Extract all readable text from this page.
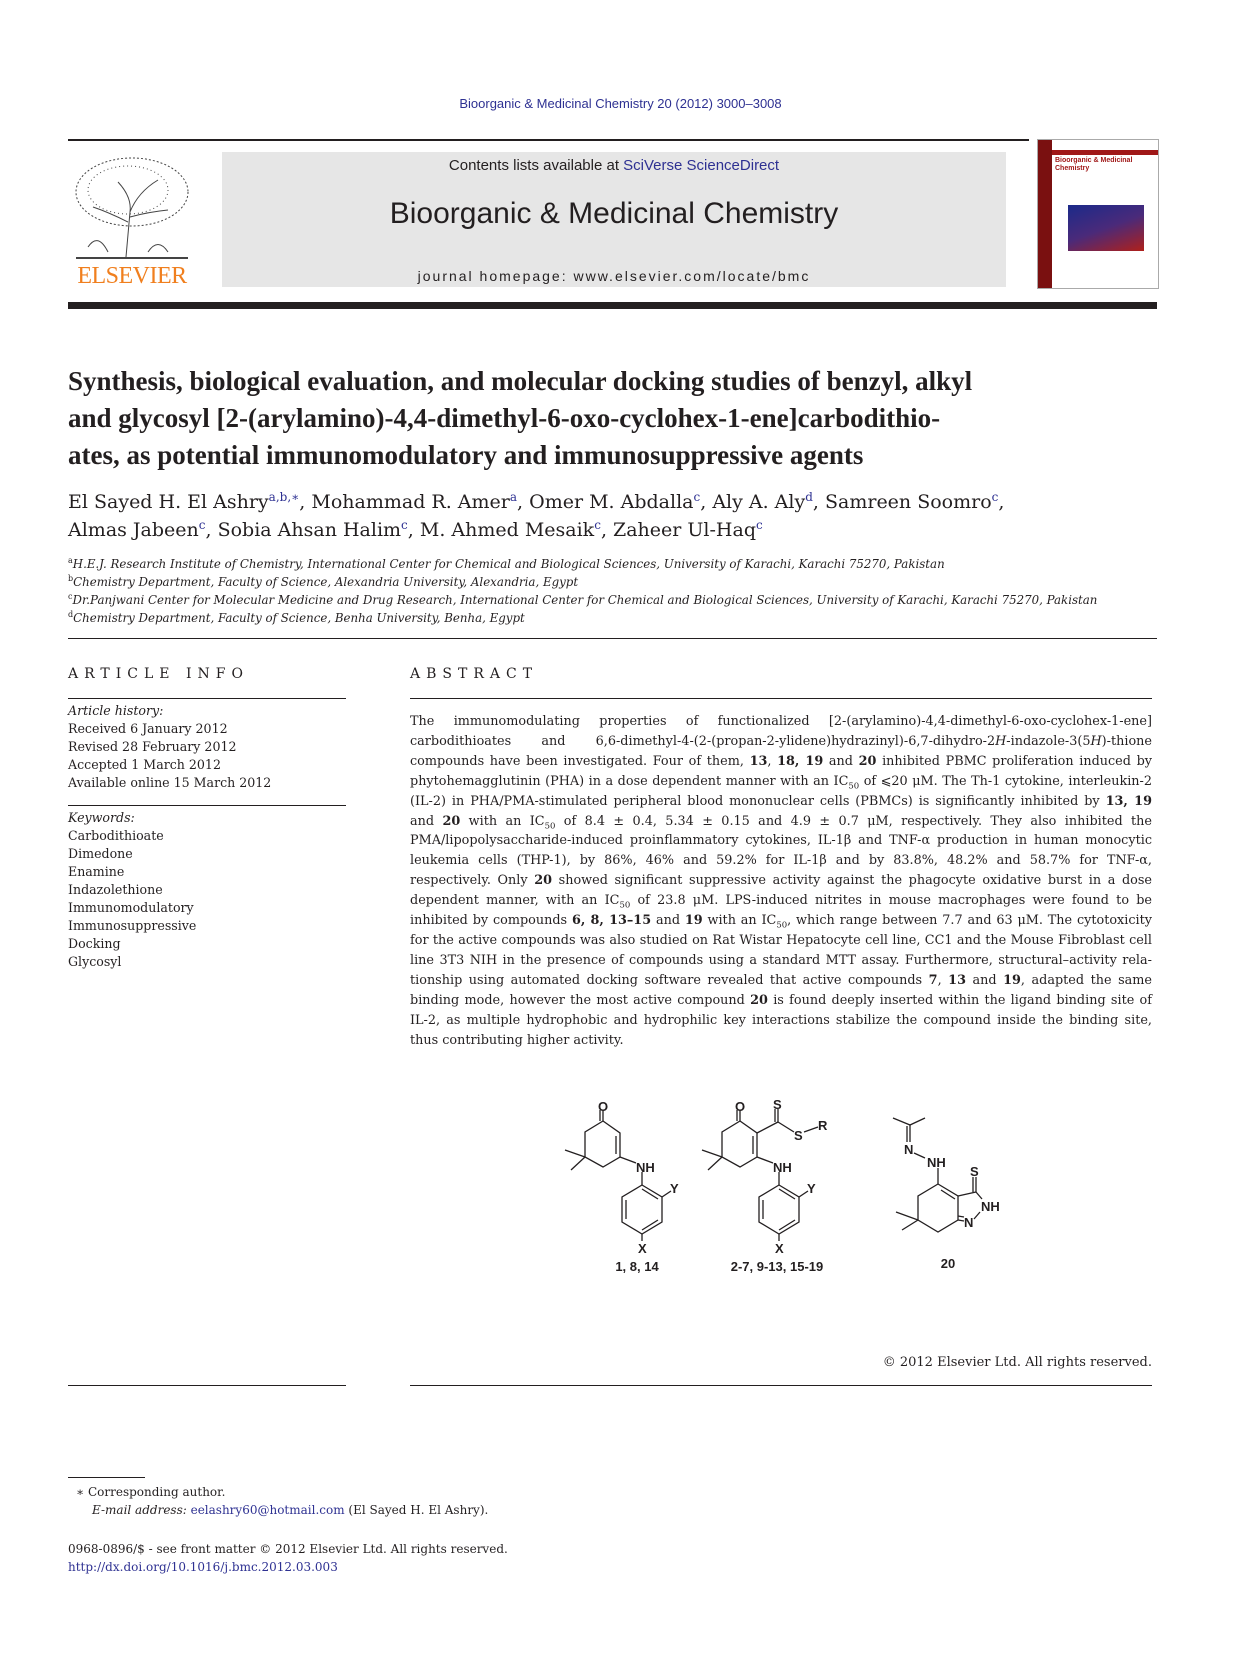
Bioorganic & Medicinal Chemistry 20 (2012) 3000–3008
ELSEVIER
Contents lists available at SciVerse ScienceDirect
Bioorganic & Medicinal Chemistry
journal homepage: www.elsevier.com/locate/bmc
Bioorganic & Medicinal Chemistry
Synthesis, biological evaluation, and molecular docking studies of benzyl, alkyl
and glycosyl [2-(arylamino)-4,4-dimethyl-6-oxo-cyclohex-1-ene]carbodithio-
ates, as potential immunomodulatory and immunosuppressive agents
El Sayed H. El Ashry$^{a,b,∗}$, Mohammad R. Amer$^a$, Omer M. Abdalla$^c$, Aly A. Aly$^d$, Samreen Soomro$^c$,
Almas Jabeen$^c$, Sobia Ahsan Halim$^c$, M. Ahmed Mesaik$^c$, Zaheer Ul-Haq$^c$
$^a$H.E.J. Research Institute of Chemistry, International Center for Chemical and Biological Sciences, University of Karachi, Karachi 75270, Pakistan
$^b$Chemistry Department, Faculty of Science, Alexandria University, Alexandria, Egypt
$^c$Dr.Panjwani Center for Molecular Medicine and Drug Research, International Center for Chemical and Biological Sciences, University of Karachi, Karachi 75270, Pakistan
$^d$Chemistry Department, Faculty of Science, Benha University, Benha, Egypt
ARTICLE INFO
Article history:
Received 6 January 2012
Revised 28 February 2012
Accepted 1 March 2012
Available online 15 March 2012
Keywords:
Carbodithioate
Dimedone
Enamine
Indazolethione
Immunomodulatory
Immunosuppressive
Docking
Glycosyl
ABSTRACT
The immunomodulating properties of functionalized [2-(arylamino)-4,4-dimethyl-6-oxo-cyclohex-1-ene] carbodithioates and 6,6-dimethyl-4-(2-(propan-2-ylidene)hydrazinyl)-6,7-dihydro-2H-indazole-3(5H)-thione compounds have been investigated. Four of them, 13, 18, 19 and 20 inhibited PBMC proliferation induced by phytohemagglutinin (PHA) in a dose dependent manner with an $IC_{50}$ of ⩽20 μM. The Th-1 cytokine, interleukin-2 (IL-2) in PHA/PMA-stimulated peripheral blood mononuclear cells (PBMCs) is significantly inhibited by 13, 19 and 20 with an $IC_{50}$ of 8.4 ± 0.4, 5.34 ± 0.15 and 4.9 ± 0.7 μM, respectively. They also inhibited the PMA/lipopolysaccharide-induced proinflammatory cytokines, IL-1β and TNF-α production in human monocytic leukemia cells (THP-1), by 86%, 46% and 59.2% for IL-1β and by 83.8%, 48.2% and 58.7% for TNF-α, respectively. Only 20 showed significant suppressive activity against the phagocyte oxidative burst in a dose dependent manner, with an $IC_{50}$ of 23.8 μM. LPS-induced nitrites in mouse macrophages were found to be inhibited by compounds 6, 8, 13–15 and 19 with an $IC_{50}$, which range between 7.7 and 63 μM. The cytotoxicity for the active compounds was also studied on Rat Wistar Hepatocyte cell line, CC1 and the Mouse Fibroblast cell line 3T3 NIH in the presence of compounds using a standard MTT assay. Furthermore, structural–activity relationship using automated docking software revealed that active compounds 7, 13 and 19, adapted the same binding mode, however the most active compound 20 is found deeply inserted within the ligand binding site of IL-2, as multiple hydrophobic and hydrophilic key interactions stabilize the compound inside the binding site, thus contributing higher activity.
O
NH
Y
X
O S
S
R
NH
Y
X
N
NH
S
NH
N
1, 8, 14	2-7, 9-13, 15-19	20
© 2012 Elsevier Ltd. All rights reserved.
∗ Corresponding author.
E-mail address: eelashry60@hotmail.com (El Sayed H. El Ashry).
0968-0896/$ - see front matter © 2012 Elsevier Ltd. All rights reserved.
http://dx.doi.org/10.1016/j.bmc.2012.03.003
